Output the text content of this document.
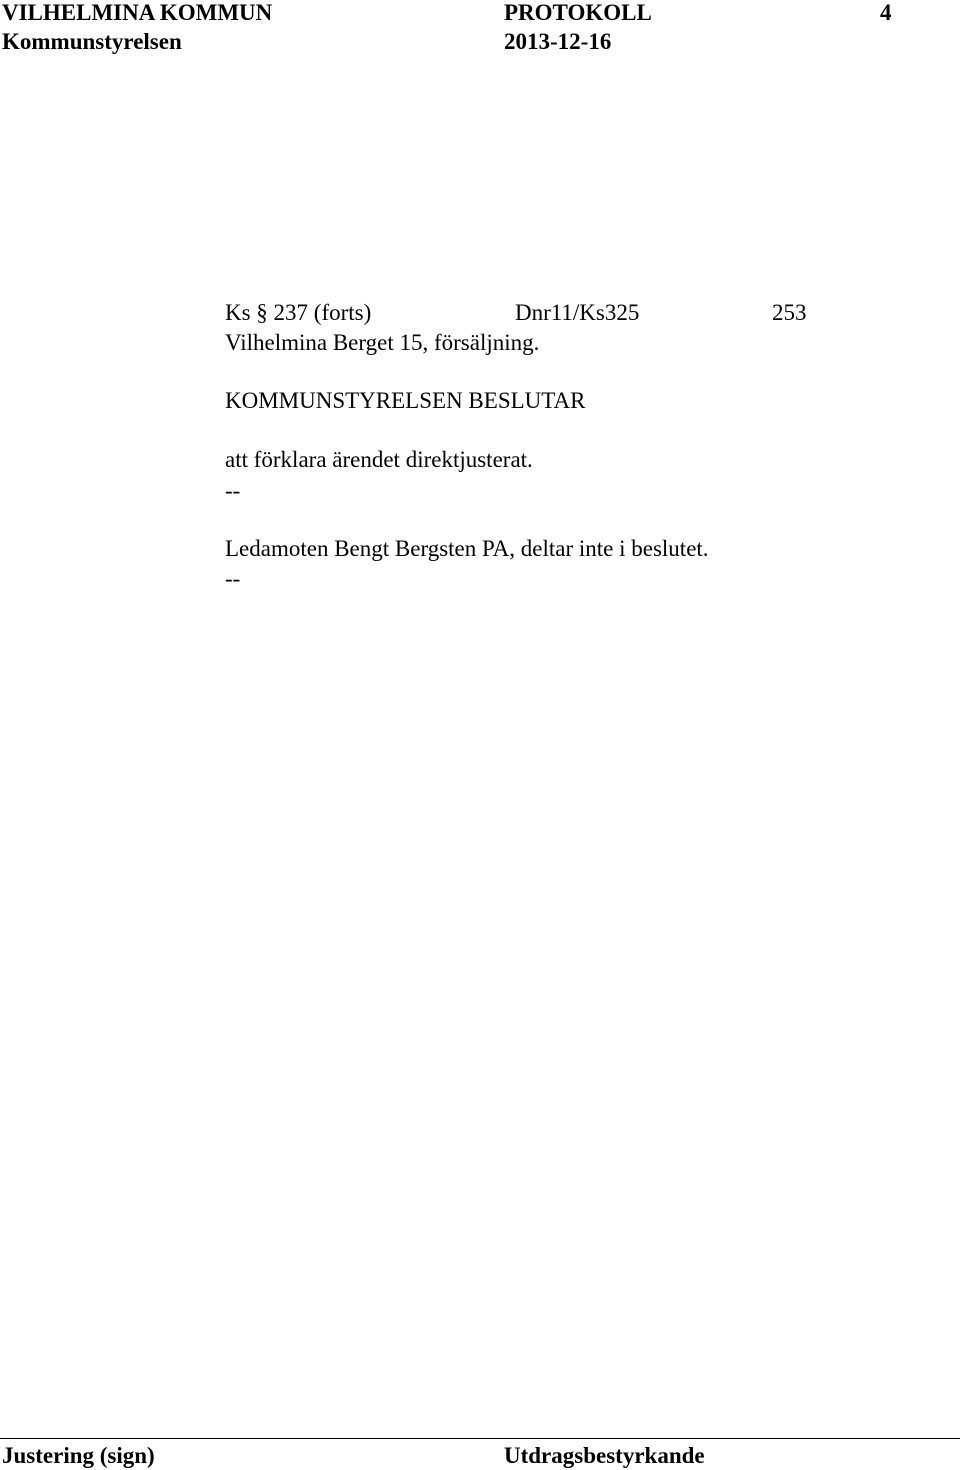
VILHELMINA KOMMUN	PROTOKOLL	4
Kommunstyrelsen	2013-12-16
Ks § 237 (forts)	Dnr11/Ks325	253
Vilhelmina Berget 15, försäljning.
KOMMUNSTYRELSEN BESLUTAR
att förklara ärendet direktjusterat.
--
Ledamoten Bengt Bergsten PA, deltar inte i beslutet.
--
Justering (sign)	Utdragsbestyrkande
